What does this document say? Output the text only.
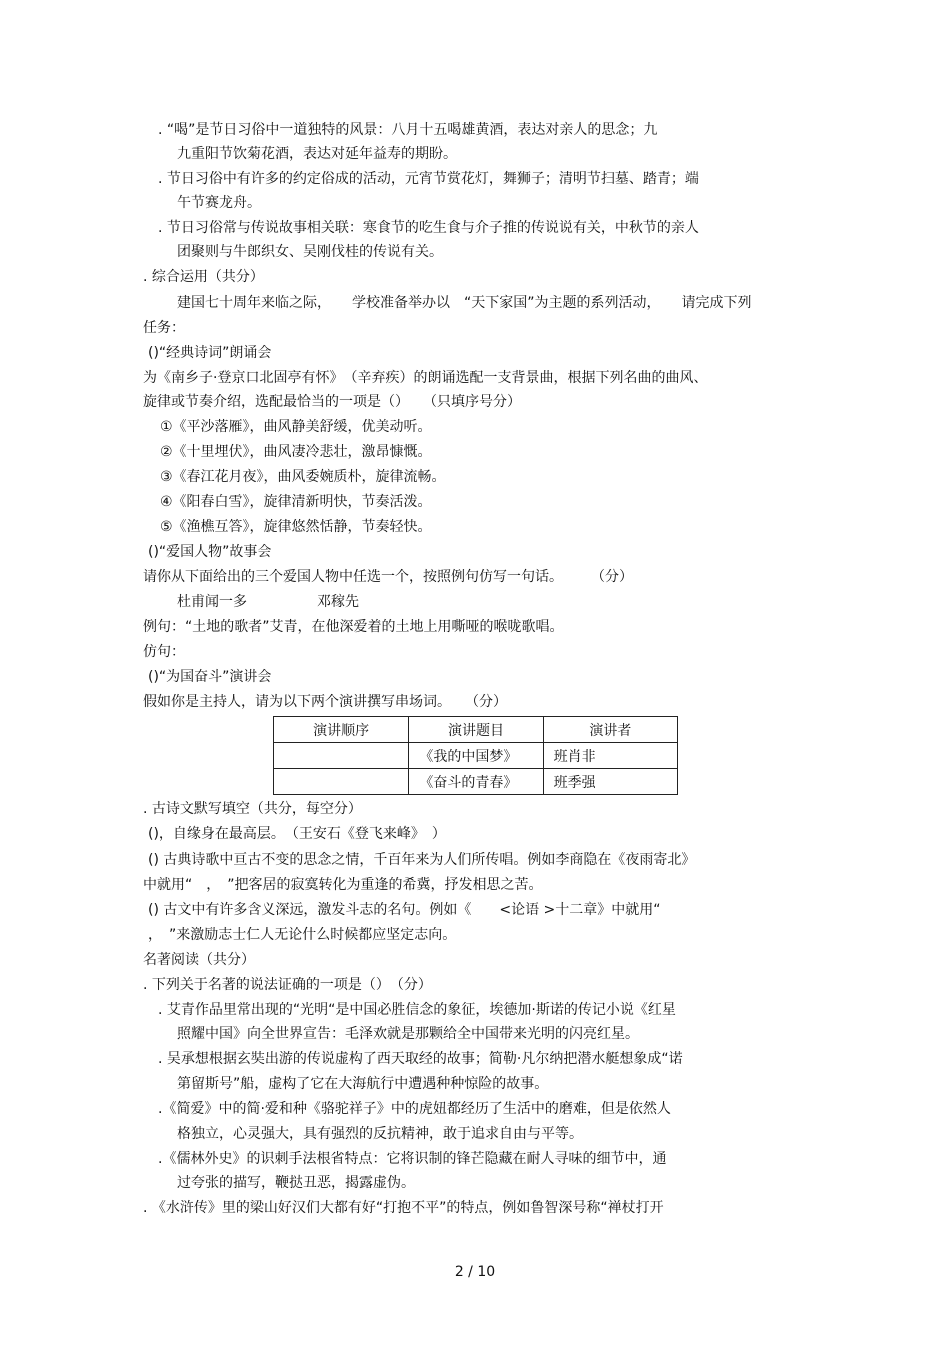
. “喝”是节日习俗中一道独特的风景：八月十五喝雄黄酒，表达对亲人的思念；九
九重阳节饮菊花酒，表达对延年益寿的期盼。
. 节日习俗中有许多的约定俗成的活动，元宵节赏花灯，舞狮子；清明节扫墓、踏青；端
午节赛龙舟。
. 节日习俗常与传说故事相关联：寒食节的吃生食与介子推的传说说有关，中秋节的亲人
团聚则与牛郎织女、吴刚伐桂的传说有关。
. 综合运用（共分）
建国七十周年来临之际，　　学校准备举办以　“天下家国”为主题的系列活动，　　请完成下列
任务：
()“经典诗词”朗诵会
为《南乡子·登京口北固亭有怀》　（辛弃疾）的朗诵选配一支背景曲，根据下列名曲的曲风、
旋律或节奏介绍，选配最恰当的一项是（）　　（只填序号分）
①《平沙落雁》，曲风静美舒缓，优美动听。
②《十里埋伏》，曲风凄冷悲壮，激昂慷慨。
③《春江花月夜》，曲风委婉质朴，旋律流畅。
④《阳春白雪》，旋律清新明快，节奏活泼。
⑤《渔樵互答》，旋律悠然恬静，节奏轻快。
()“爱国人物”故事会
请你从下面给出的三个爱国人物中任选一个，按照例句仿写一句话。　　　（分）
杜甫闻一多　　　　　邓稼先
例句：“土地的歌者”艾青，在他深爱着的土地上用嘶哑的喉咙歌唱。
仿句：
()“为国奋斗”演讲会
假如你是主持人，请为以下两个演讲撰写串场词。　　（分）
演讲顺序	演讲题目	演讲者
	《我的中国梦》	班肖非
	《奋斗的青春》	班季强
. 古诗文默写填空（共分，每空分）
()，自缘身在最高层。　（王安石《登飞来峰》　）
() 古典诗歌中亘古不变的思念之情，千百年来为人们所传唱。例如李商隐在《夜雨寄北》
中就用“　，　”把客居的寂寞转化为重逢的希冀，抒发相思之苦。
() 古文中有许多含义深远，激发斗志的名句。例如《　　<论语 >十二章》中就用“
，　”来激励志士仁人无论什么时候都应坚定志向。
名著阅读（共分）
. 下列关于名著的说法证确的一项是（）　（分）
. 艾青作品里常出现的“光明“是中国必胜信念的象征，埃德加·斯诺的传记小说《红星
照耀中国》向全世界宣告：毛泽欢就是那颗给全中国带来光明的闪亮红星。
. 吴承想根据玄奘出游的传说虚构了西天取经的故事；简勒·凡尔纳把潜水艇想象成“诺
第留斯号”船，虚构了它在大海航行中遭遇种种惊险的故事。
.《简爱》中的简·爱和种《骆驼祥子》中的虎妞都经历了生活中的磨难，但是依然人
格独立，心灵强大，具有强烈的反抗精神，敢于追求自由与平等。
.《儒林外史》的识刺手法根省特点：它将识制的锋芒隐藏在耐人寻味的细节中，通
过夸张的描写，鞭挞丑恶，揭露虚伪。
. 《水浒传》里的梁山好汉们大都有好“打抱不平”的特点，例如鲁智深号称“禅杖打开
2 / 10
